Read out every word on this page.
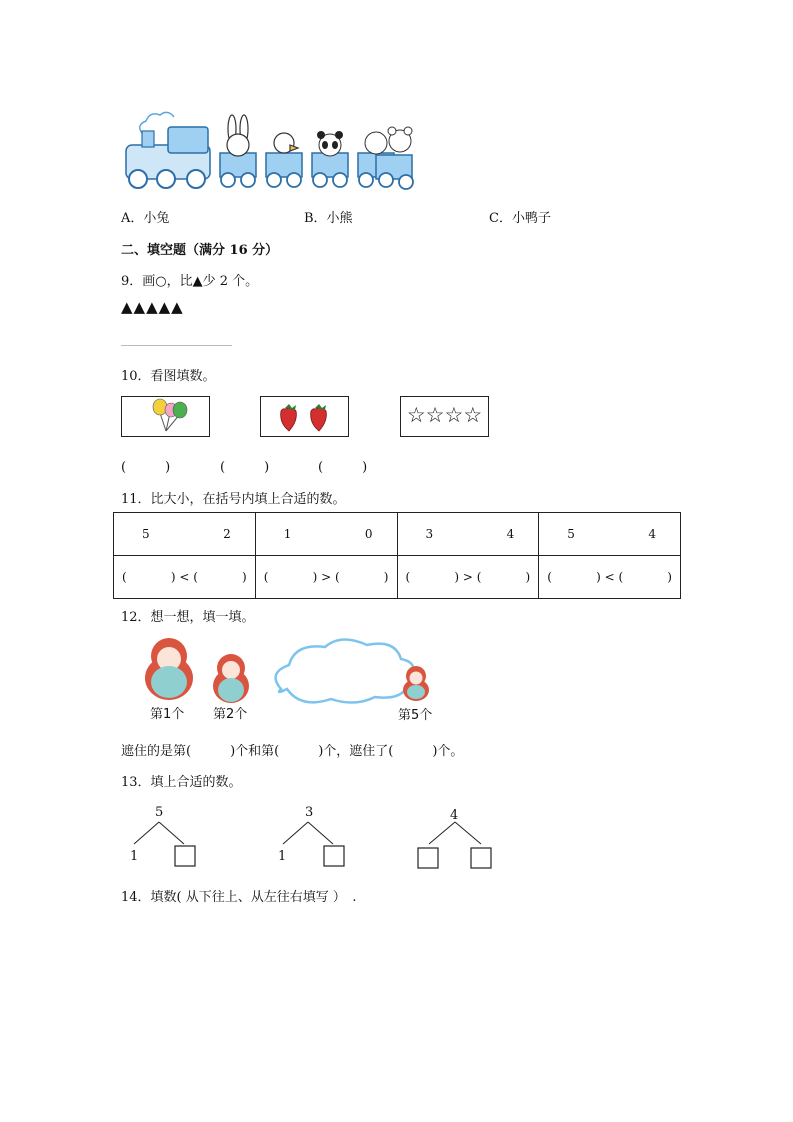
A．小兔	B．小熊	C．小鸭子
二、填空题（满分 16 分）
9．画○，比▲少 2 个。
▲▲▲▲▲
10．看图填数。
☆☆☆☆
(　　　)	(　　　)	(　　　)
11．比大小，在括号内填上合适的数。
5 2	1 0	3 4	5 4

( ) < ( )	( ) > ( )	( ) > ( )	( ) < ( )
12．想一想，填一填。
第1个 第2个	第5个
遮住的是第(　　　)个和第(　　　)个，遮住了(　　　)个。
13．填上合适的数。
5
1
3
1
4
14．填数( 从下往上、从左往右填写 ）　.
